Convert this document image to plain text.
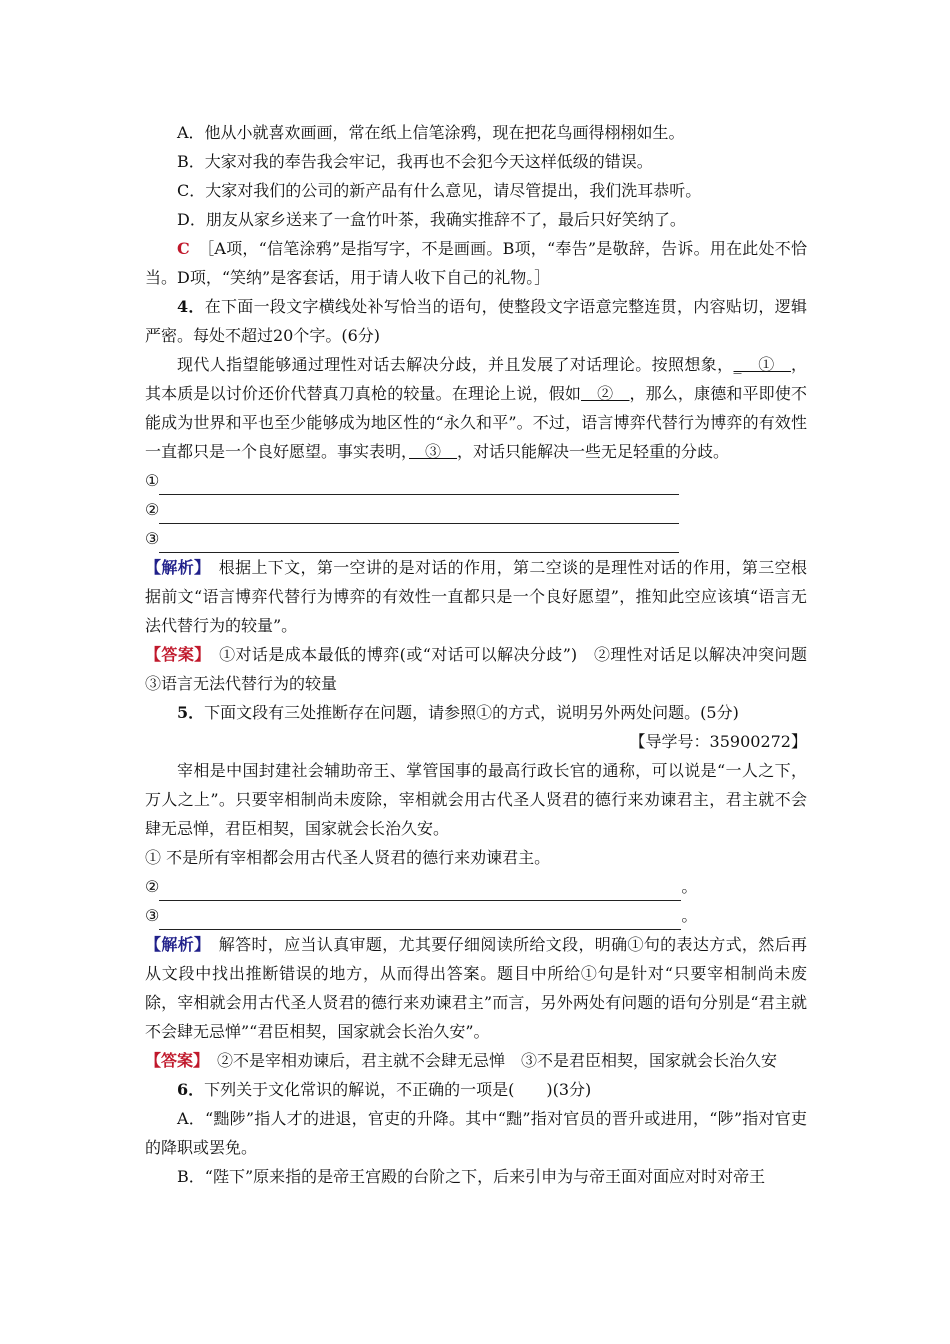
A．他从小就喜欢画画，常在纸上信笔涂鸦，现在把花鸟画得栩栩如生。

B．大家对我的奉告我会牢记，我再也不会犯今天这样低级的错误。

C．大家对我们的公司的新产品有什么意见，请尽管提出，我们洗耳恭听。

D．朋友从家乡送来了一盒竹叶茶，我确实推辞不了，最后只好笑纳了。

C　 ［A项，“信笔涂鸦”是指写字，不是画画。B项，“奉告”是敬辞，告诉。用在此处不恰当。D项，“笑纳”是客套话，用于请人收下自己的礼物。］

4．在下面一段文字横线处补写恰当的语句，使整段文字语意完整连贯，内容贴切，逻辑严密。每处不超过20个字。(6分)

现代人指望能够通过理性对话去解决分歧，并且发展了对话理论。按照想象，_　①　，其本质是以讨价还价代替真刀真枪的较量。在理论上说，假如　②　，那么，康德和平即使不能成为世界和平也至少能够成为地区性的“永久和平”。不过，语言博弈代替行为博弈的有效性一直都只是一个良好愿望。事实表明，　③　，对话只能解决一些无足轻重的分歧。

①
②
③

【解析】　根据上下文，第一空讲的是对话的作用，第二空谈的是理性对话的作用，第三空根据前文“语言博弈代替行为博弈的有效性一直都只是一个良好愿望”，推知此空应该填“语言无法代替行为的较量”。

【答案】　①对话是成本最低的博弈(或“对话可以解决分歧”)　②理性对话足以解决冲突问题　③语言无法代替行为的较量

5．下面文段有三处推断存在问题，请参照①的方式，说明另外两处问题。(5分)

【导学号：35900272】

宰相是中国封建社会辅助帝王、掌管国事的最高行政长官的通称，可以说是“一人之下，万人之上”。只要宰相制尚未废除，宰相就会用古代圣人贤君的德行来劝谏君主，君主就不会肆无忌惮，君臣相契，国家就会长治久安。

① 不是所有宰相都会用古代圣人贤君的德行来劝谏君主。

②	。
③	。

【解析】　解答时，应当认真审题，尤其要仔细阅读所给文段，明确①句的表达方式，然后再从文段中找出推断错误的地方，从而得出答案。题目中所给①句是针对“只要宰相制尚未废除，宰相就会用古代圣人贤君的德行来劝谏君主”而言，另外两处有问题的语句分别是“君主就不会肆无忌惮”“君臣相契，国家就会长治久安”。

【答案】　②不是宰相劝谏后，君主就不会肆无忌惮　③不是君臣相契，国家就会长治久安

6．下列关于文化常识的解说，不正确的一项是(　　)(3分)

A．“黜陟”指人才的进退，官吏的升降。其中“黜”指对官员的晋升或进用，“陟”指对官吏的降职或罢免。

B．“陛下”原来指的是帝王宫殿的台阶之下，后来引申为与帝王面对面应对时对帝王
